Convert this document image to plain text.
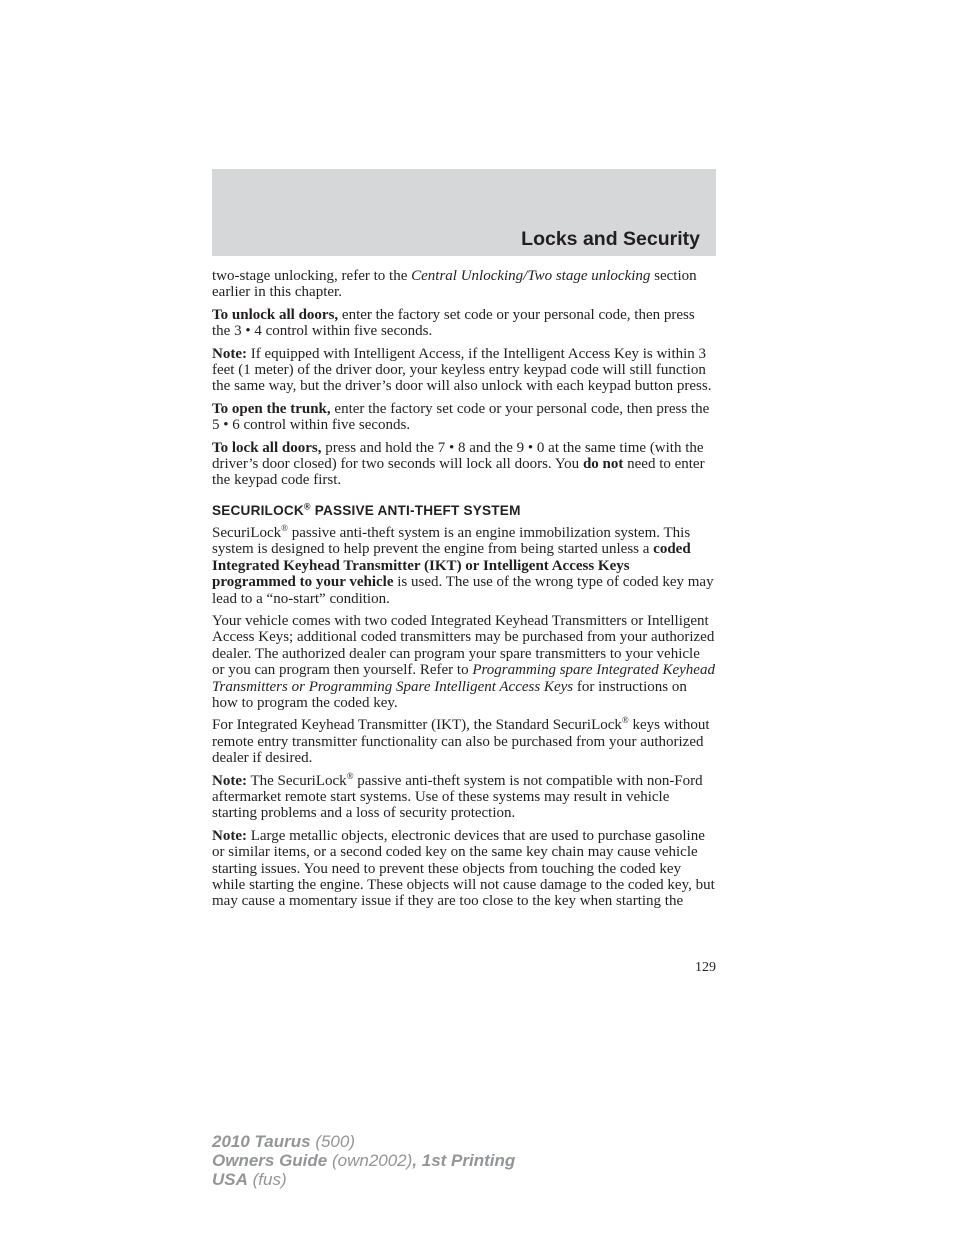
Locks and Security

two-stage unlocking, refer to the Central Unlocking/Two stage unlocking section earlier in this chapter.

To unlock all doors, enter the factory set code or your personal code, then press the 3 • 4 control within five seconds.

Note: If equipped with Intelligent Access, if the Intelligent Access Key is within 3 feet (1 meter) of the driver door, your keyless entry keypad code will still function the same way, but the driver’s door will also unlock with each keypad button press.

To open the trunk, enter the factory set code or your personal code, then press the 5 • 6 control within five seconds.

To lock all doors, press and hold the 7 • 8 and the 9 • 0 at the same time (with the driver’s door closed) for two seconds will lock all doors. You do not need to enter the keypad code first.

SECURILOCK® PASSIVE ANTI-THEFT SYSTEM

SecuriLock® passive anti-theft system is an engine immobilization system. This system is designed to help prevent the engine from being started unless a coded Integrated Keyhead Transmitter (IKT) or Intelligent Access Keys programmed to your vehicle is used. The use of the wrong type of coded key may lead to a “no-start” condition.

Your vehicle comes with two coded Integrated Keyhead Transmitters or Intelligent Access Keys; additional coded transmitters may be purchased from your authorized dealer. The authorized dealer can program your spare transmitters to your vehicle or you can program then yourself. Refer to Programming spare Integrated Keyhead Transmitters or Programming Spare Intelligent Access Keys for instructions on how to program the coded key.

For Integrated Keyhead Transmitter (IKT), the Standard SecuriLock® keys without remote entry transmitter functionality can also be purchased from your authorized dealer if desired.

Note: The SecuriLock® passive anti-theft system is not compatible with non-Ford aftermarket remote start systems. Use of these systems may result in vehicle starting problems and a loss of security protection.

Note: Large metallic objects, electronic devices that are used to purchase gasoline or similar items, or a second coded key on the same key chain may cause vehicle starting issues. You need to prevent these objects from touching the coded key while starting the engine. These objects will not cause damage to the coded key, but may cause a momentary issue if they are too close to the key when starting the

129
2010 Taurus (500)
Owners Guide (own2002), 1st Printing
USA (fus)
